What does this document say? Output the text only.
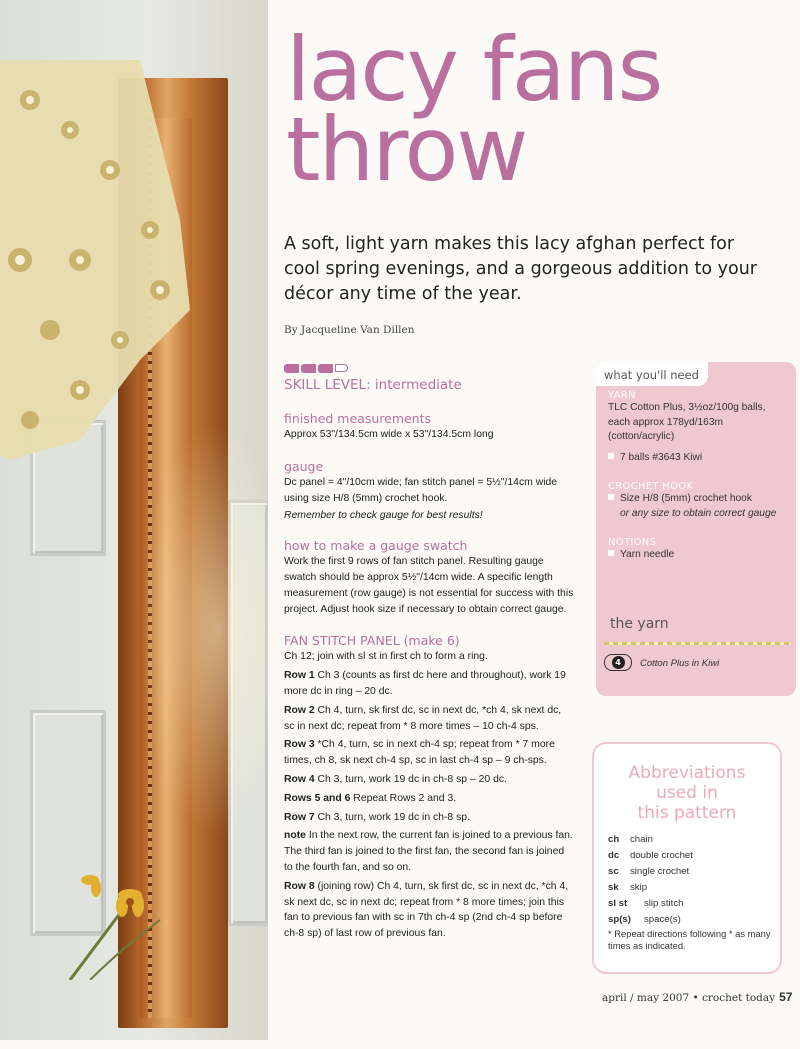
lacy fans
throw
A soft, light yarn makes this lacy afghan perfect for cool spring evenings, and a gorgeous addition to your décor any time of the year.
By Jacqueline Van Dillen
SKILL LEVEL: intermediate
finished measurements

Approx 53"/134.5cm wide x 53"/134.5cm long

gauge

Dc panel = 4"/10cm wide; fan stitch panel = 5½"/14cm wide using size H/8 (5mm) crochet hook.

Remember to check gauge for best results!

how to make a gauge swatch

Work the first 9 rows of fan stitch panel. Resulting gauge swatch should be approx 5½"/14cm wide. A specific length measurement (row gauge) is not essential for success with this project. Adjust hook size if necessary to obtain correct gauge.

FAN STITCH PANEL (make 6)

Ch 12; join with sl st in first ch to form a ring.

Row 1 Ch 3 (counts as first dc here and throughout), work 19 more dc in ring – 20 dc.

Row 2 Ch 4, turn, sk first dc, sc in next dc, *ch 4, sk next dc, sc in next dc; repeat from * 8 more times – 10 ch-4 sps.

Row 3 *Ch 4, turn, sc in next ch-4 sp; repeat from * 7 more times, ch 8, sk next ch-4 sp, sc in last ch-4 sp – 9 ch-sps.

Row 4 Ch 3, turn, work 19 dc in ch-8 sp – 20 dc.

Rows 5 and 6 Repeat Rows 2 and 3.

Row 7 Ch 3, turn, work 19 dc in ch-8 sp.

note In the next row, the current fan is joined to a previous fan. The third fan is joined to the first fan, the second fan is joined to the fourth fan, and so on.

Row 8 (joining row) Ch 4, turn, sk first dc, sc in next dc, *ch 4, sk next dc, sc in next dc; repeat from * 8 more times; join this fan to previous fan with sc in 7th ch-4 sp (2nd ch-4 sp before ch-8 sp) of last row of previous fan.

what you'll need
YARN
TLC Cotton Plus, 3½oz/100g balls, each approx 178yd/163m (cotton/acrylic)
7 balls #3643 Kiwi
CROCHET HOOK
Size H/8 (5mm) crochet hook
or any size to obtain correct gauge
NOTIONS
Yarn needle
the yarn
4	Cotton Plus in Kiwi
Abbreviations
used in
this pattern
ch	chain
dc	double crochet
sc	single crochet
sk	skip
sl st	slip stitch
sp(s)	space(s)
* Repeat directions following * as many times as indicated.
april / may 2007 • crochet today 57
